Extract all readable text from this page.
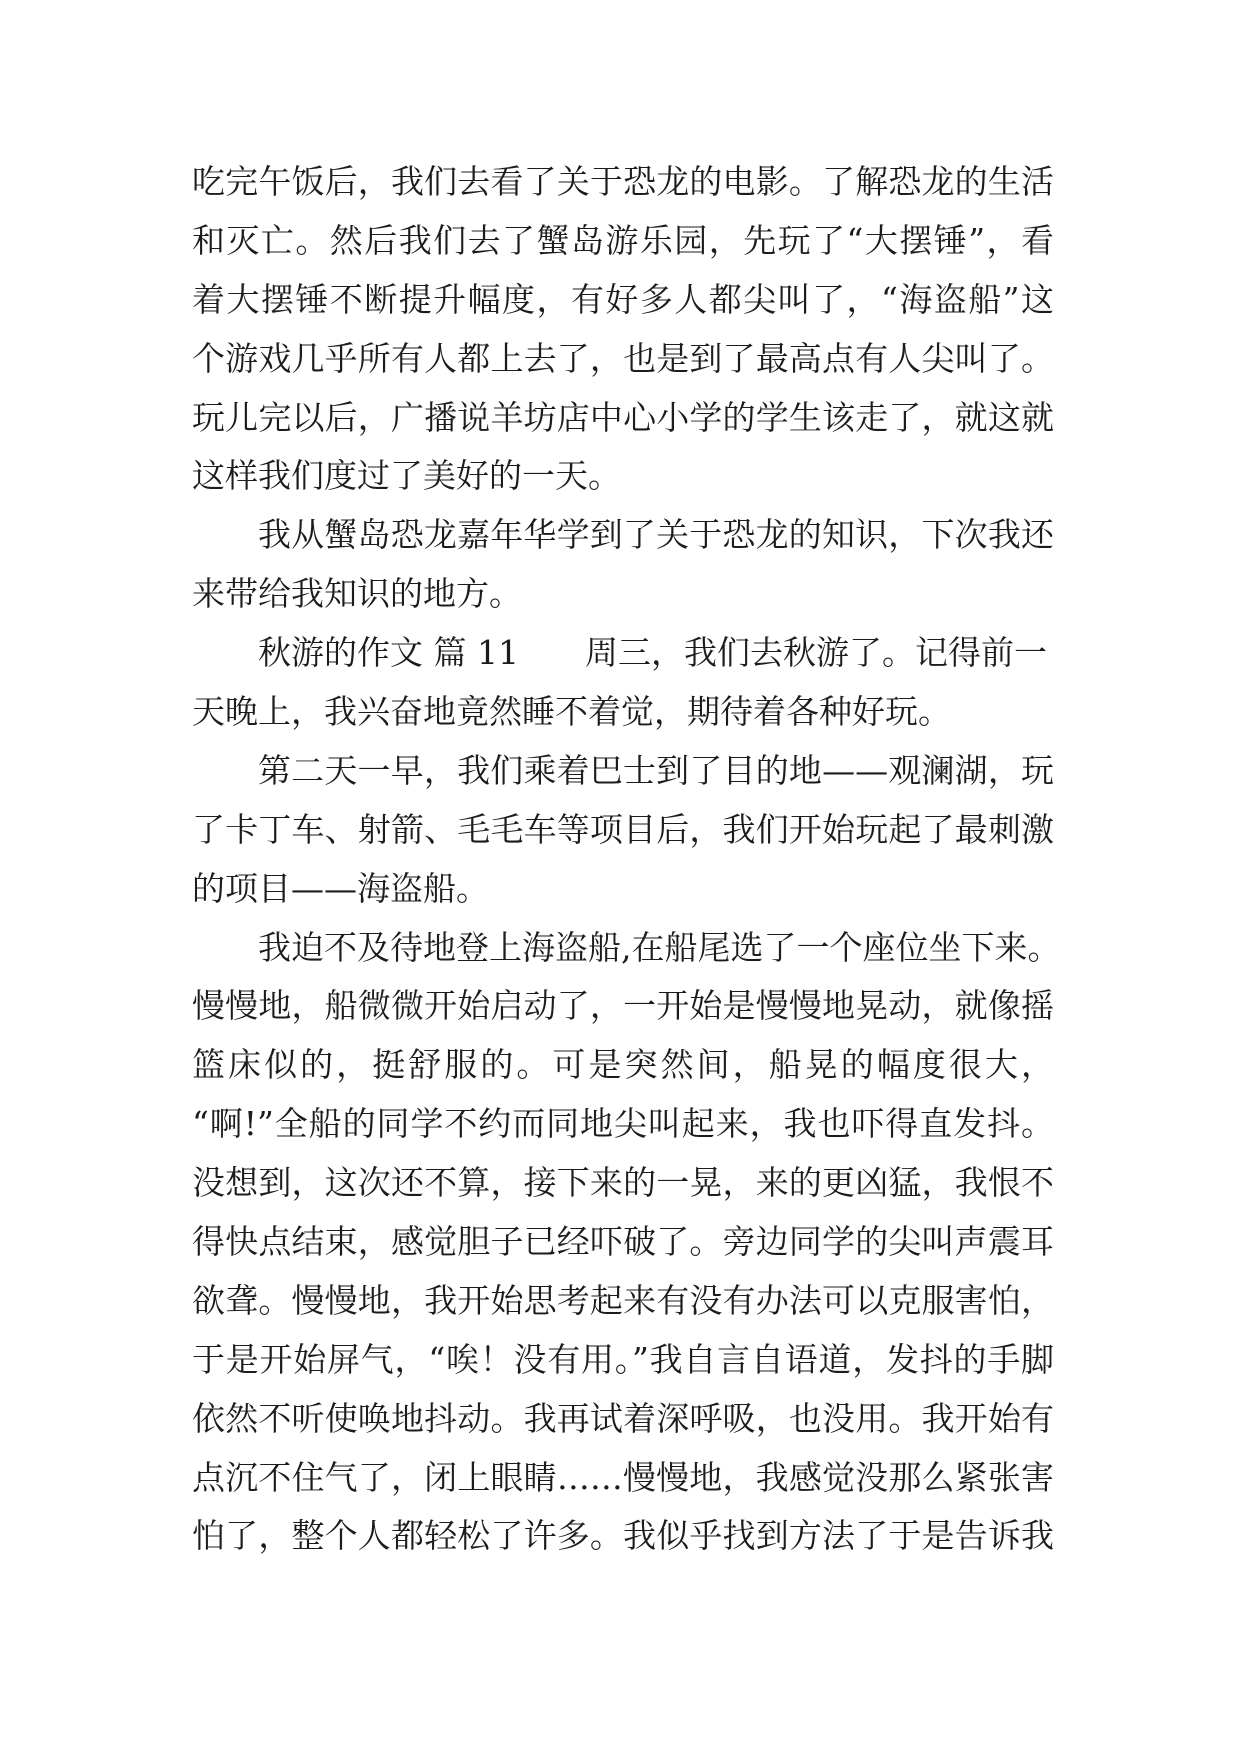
吃完午饭后，我们去看了关于恐龙的电影。了解恐龙的生活
和灭亡。然后我们去了蟹岛游乐园，先玩了“大摆锤”，看
着大摆锤不断提升幅度，有好多人都尖叫了，“海盗船”这
个游戏几乎所有人都上去了，也是到了最高点有人尖叫了。
玩儿完以后，广播说羊坊店中心小学的学生该走了，就这就
这样我们度过了美好的一天。
我从蟹岛恐龙嘉年华学到了关于恐龙的知识，下次我还
来带给我知识的地方。
秋游的作文 篇 11　　周三，我们去秋游了。记得前一
天晚上，我兴奋地竟然睡不着觉，期待着各种好玩。
第二天一早，我们乘着巴士到了目的地——观澜湖，玩
了卡丁车、射箭、毛毛车等项目后，我们开始玩起了最刺激
的项目——海盗船。
我迫不及待地登上海盗船,在船尾选了一个座位坐下来。
慢慢地，船微微开始启动了，一开始是慢慢地晃动，就像摇
篮床似的，挺舒服的。可是突然间，船晃的幅度很大，
“啊!”全船的同学不约而同地尖叫起来，我也吓得直发抖。
没想到，这次还不算，接下来的一晃，来的更凶猛，我恨不
得快点结束，感觉胆子已经吓破了。旁边同学的尖叫声震耳
欲聋。慢慢地，我开始思考起来有没有办法可以克服害怕，
于是开始屏气，“唉！没有用。”我自言自语道，发抖的手脚
依然不听使唤地抖动。我再试着深呼吸，也没用。我开始有
点沉不住气了，闭上眼睛……慢慢地，我感觉没那么紧张害
怕了，整个人都轻松了许多。我似乎找到方法了于是告诉我
